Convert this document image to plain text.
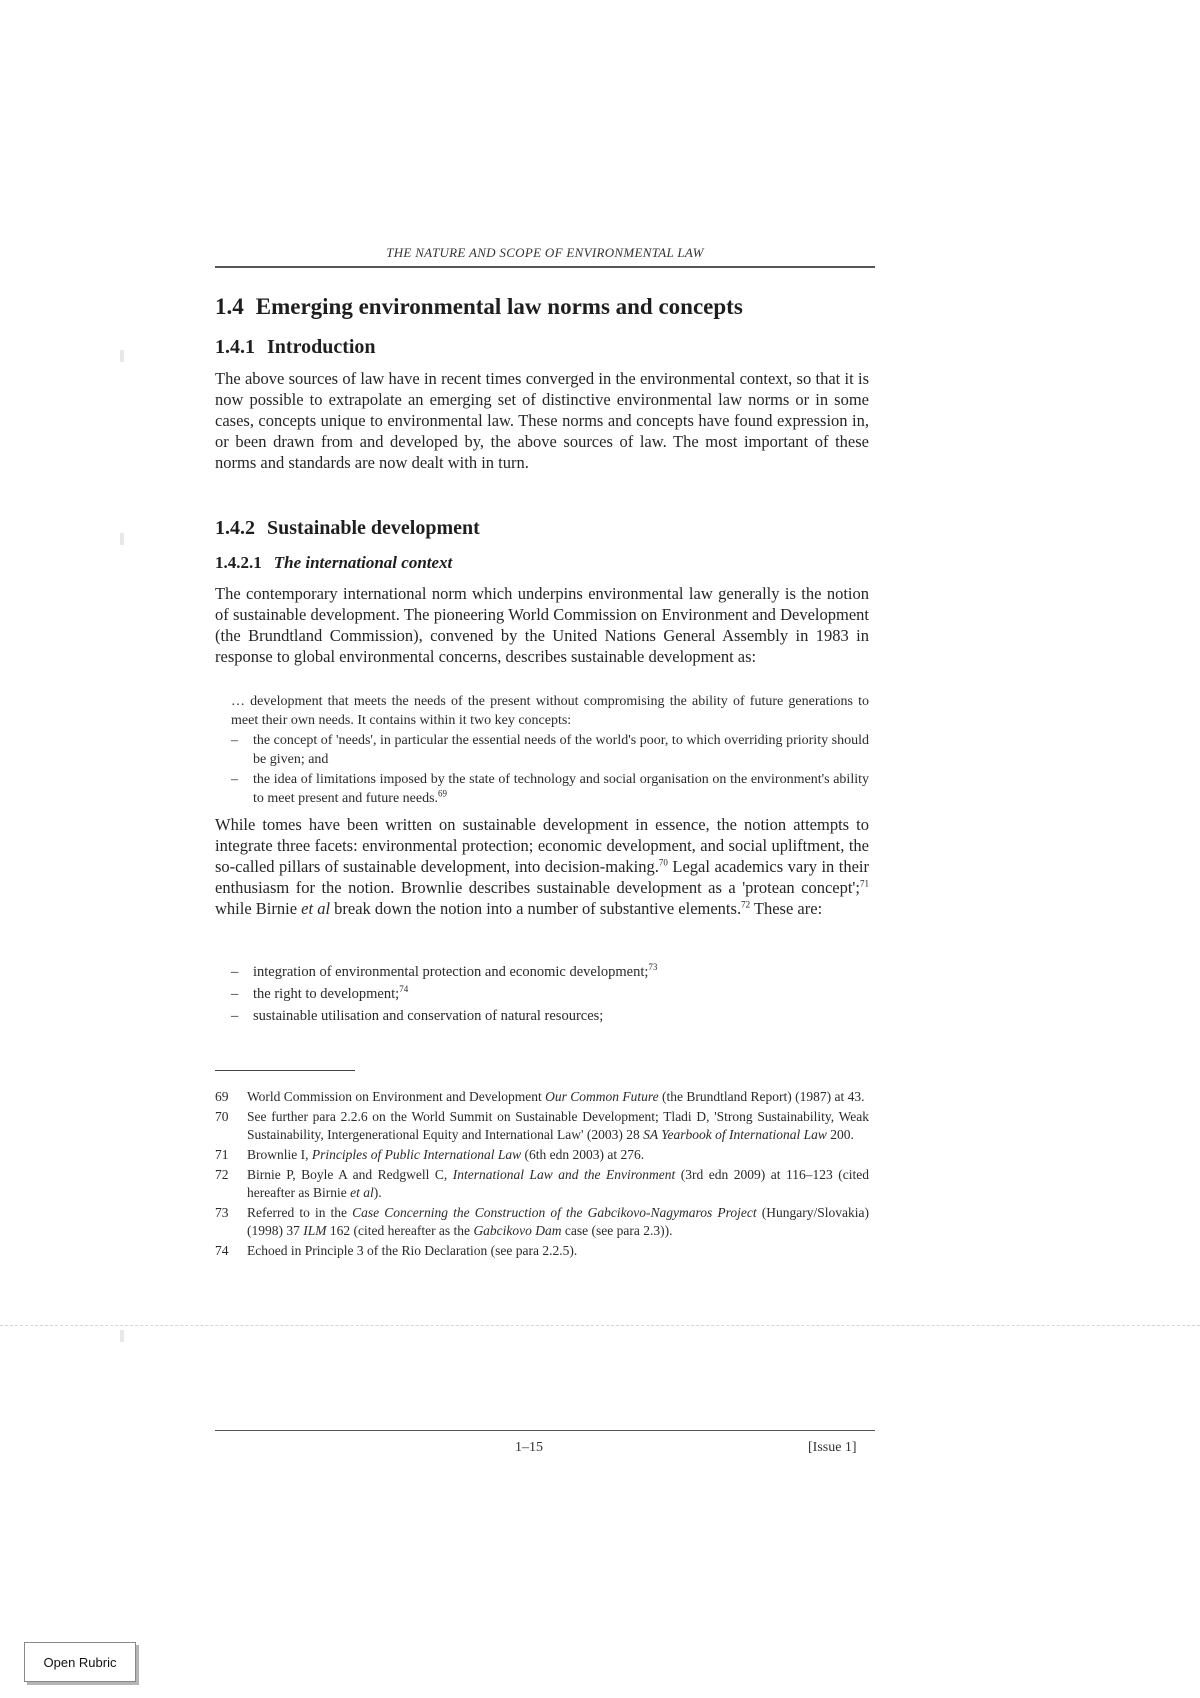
THE NATURE AND SCOPE OF ENVIRONMENTAL LAW
1.4 Emerging environmental law norms and concepts
1.4.1 Introduction

The above sources of law have in recent times converged in the environmental context, so that it is now possible to extrapolate an emerging set of distinctive environmental law norms or in some cases, concepts unique to environmental law. These norms and concepts have found expression in, or been drawn from and developed by, the above sources of law. The most important of these norms and standards are now dealt with in turn.

1.4.2 Sustainable development
1.4.2.1 The international context

The contemporary international norm which underpins environmental law generally is the notion of sustainable development. The pioneering World Commission on Environment and Development (the Brundtland Commission), convened by the United Nations General Assembly in 1983 in response to global environmental concerns, describes sustainable development as:

… development that meets the needs of the present without compromising the ability of future generations to meet their own needs. It contains within it two key concepts:

– the concept of 'needs', in particular the essential needs of the world's poor, to which overriding priority should be given; and
– the idea of limitations imposed by the state of technology and social organisation on the environment's ability to meet present and future needs.$^{69}$

While tomes have been written on sustainable development in essence, the notion attempts to integrate three facets: environmental protection; economic development, and social upliftment, the so-called pillars of sustainable development, into decision-making.$^{70}$ Legal academics vary in their enthusiasm for the notion. Brownlie describes sustainable development as a 'protean concept';$^{71}$ while Birnie et al break down the notion into a number of substantive elements.$^{72}$ These are:

– integration of environmental protection and economic development;$^{73}$
– the right to development;$^{74}$
– sustainable utilisation and conservation of natural resources;
69 World Commission on Environment and Development Our Common Future (the Brundtland Report) (1987) at 43.
70 See further para 2.2.6 on the World Summit on Sustainable Development; Tladi D, 'Strong Sustainability, Weak Sustainability, Intergenerational Equity and International Law' (2003) 28 SA Yearbook of International Law 200.
71 Brownlie I, Principles of Public International Law (6th edn 2003) at 276.
72 Birnie P, Boyle A and Redgwell C, International Law and the Environment (3rd edn 2009) at 116–123 (cited hereafter as Birnie et al).
73 Referred to in the Case Concerning the Construction of the Gabcikovo-Nagymaros Project (Hungary/Slovakia) (1998) 37 ILM 162 (cited hereafter as the Gabcikovo Dam case (see para 2.3)).
74 Echoed in Principle 3 of the Rio Declaration (see para 2.2.5).
1–15	[Issue 1]
Open Rubric
